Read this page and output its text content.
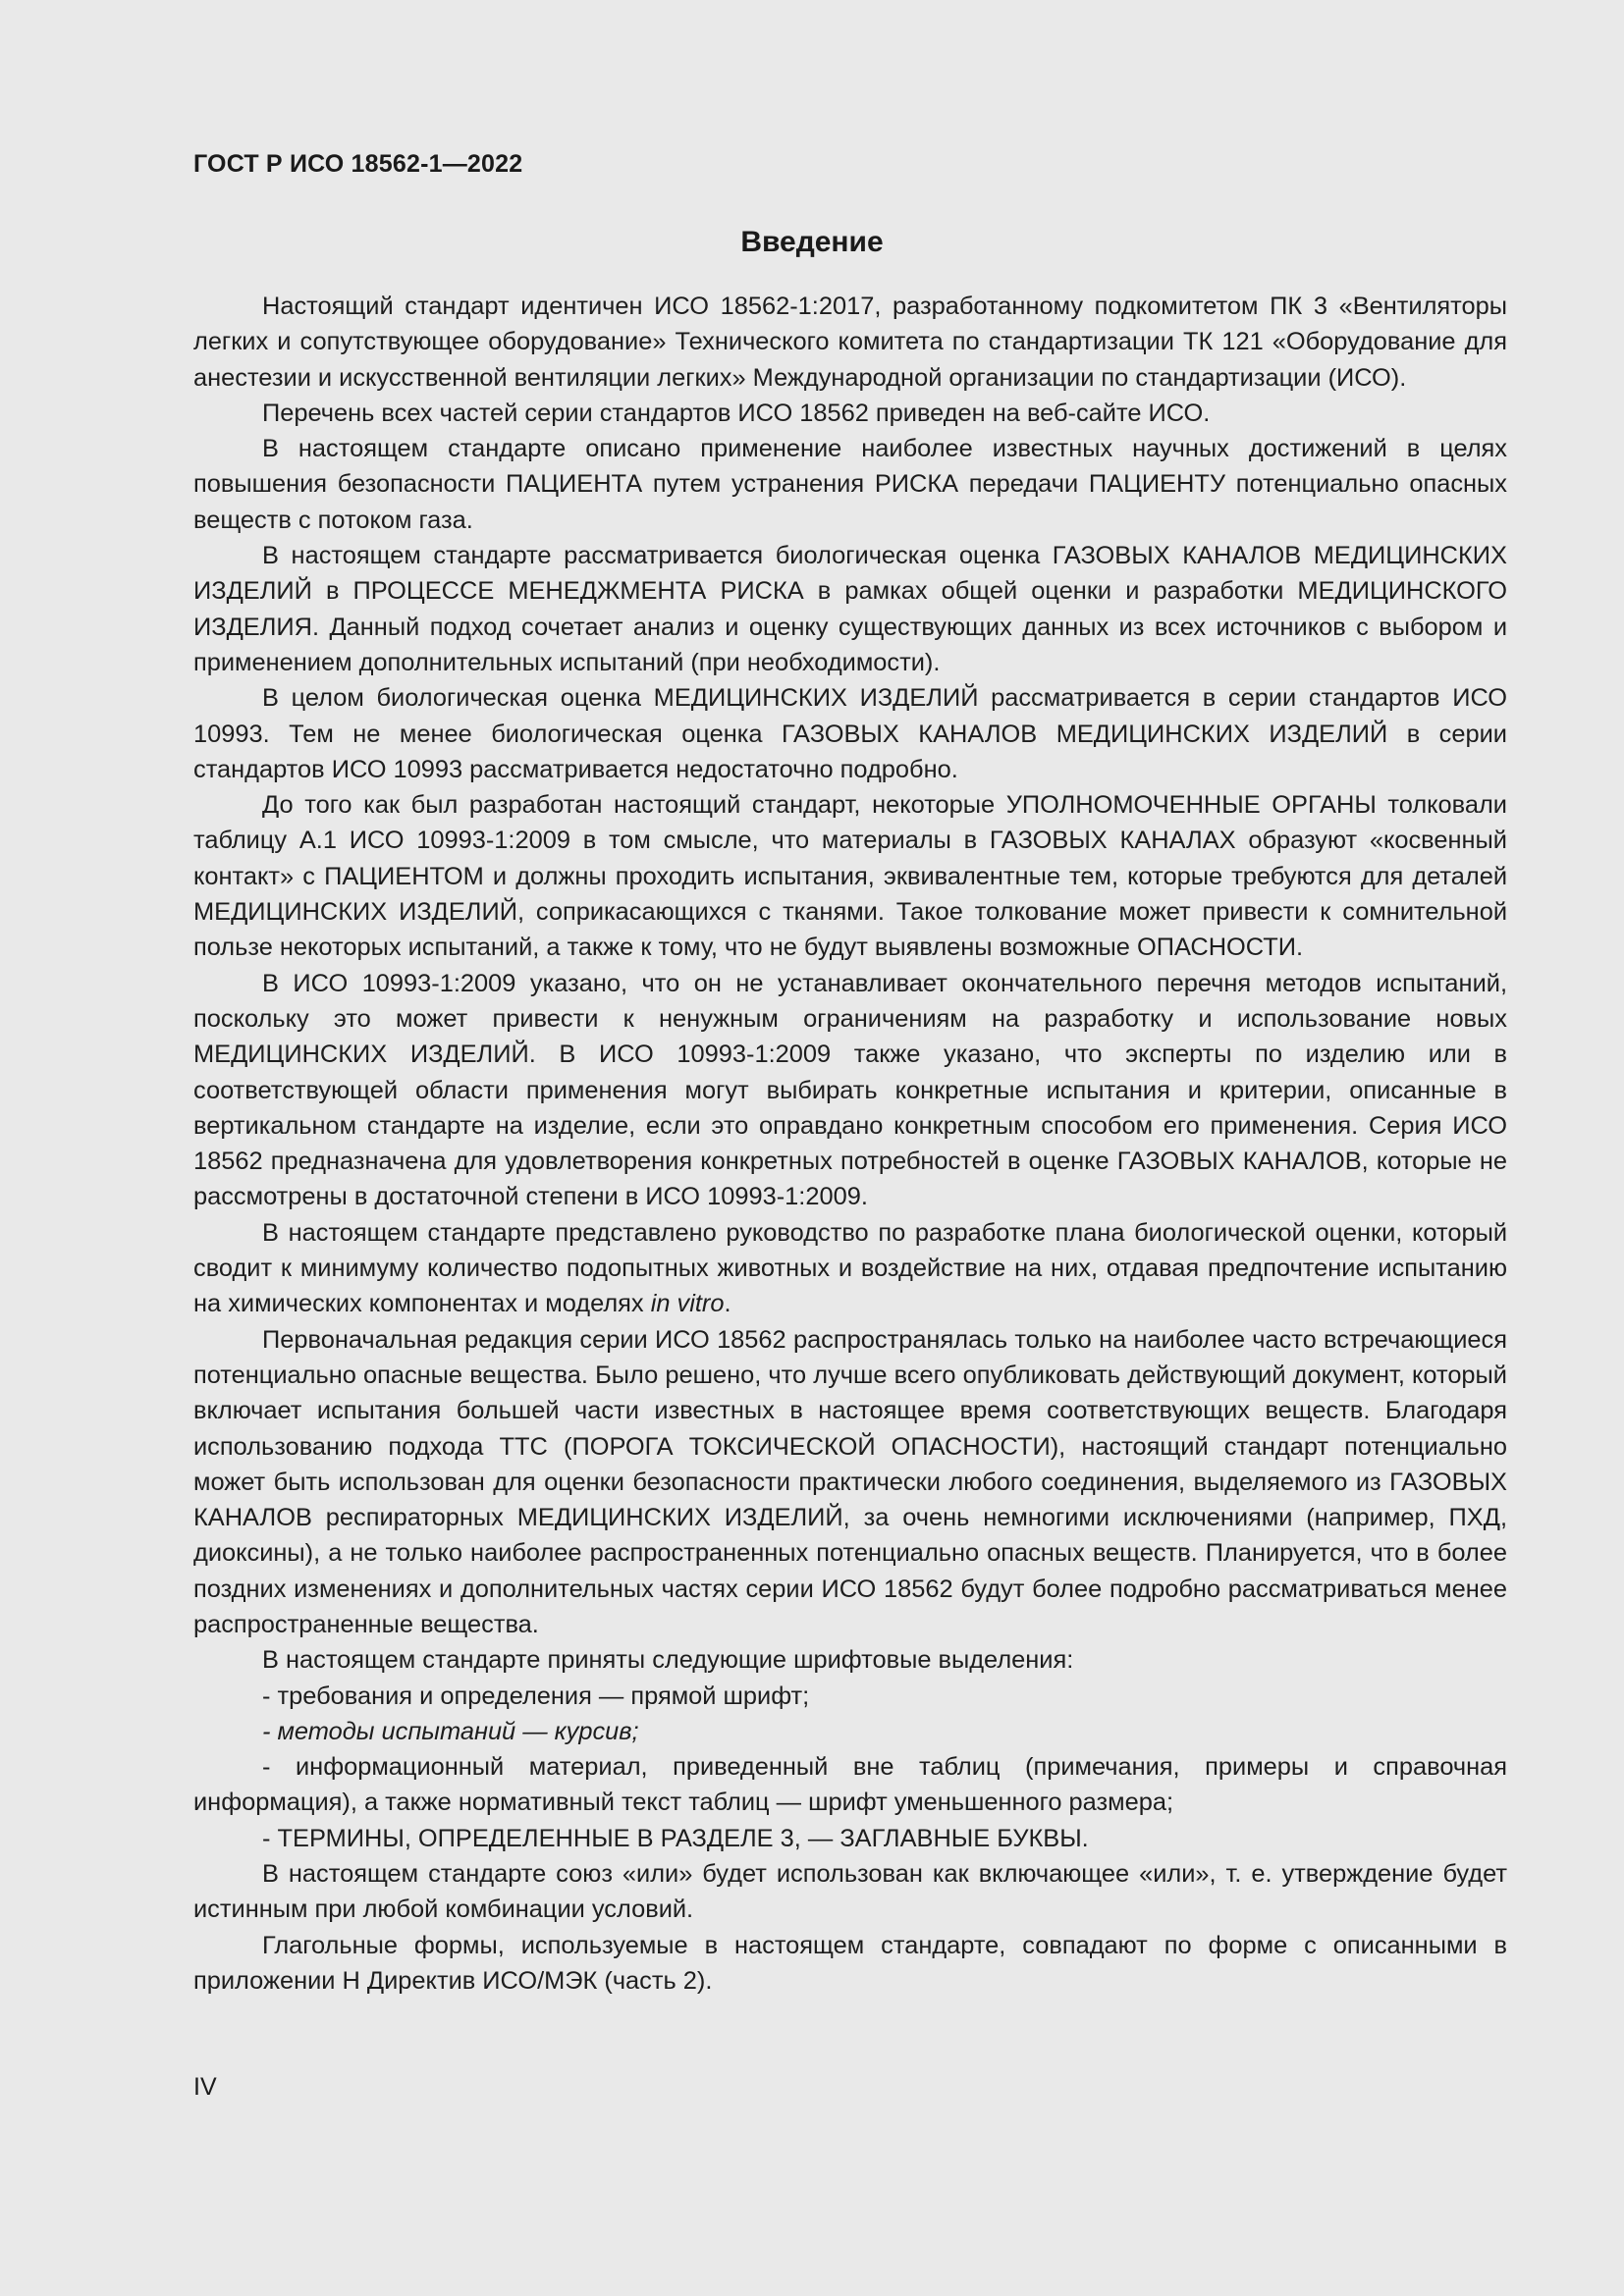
ГОСТ Р ИСО 18562-1—2022
Введение

Настоящий стандарт идентичен ИСО 18562-1:2017, разработанному подкомитетом ПК 3 «Вентиляторы легких и сопутствующее оборудование» Технического комитета по стандартизации ТК 121 «Оборудование для анестезии и искусственной вентиляции легких» Международной организации по стандартизации (ИСО).

Перечень всех частей серии стандартов ИСО 18562 приведен на веб-сайте ИСО.

В настоящем стандарте описано применение наиболее известных научных достижений в целях повышения безопасности ПАЦИЕНТА путем устранения РИСКА передачи ПАЦИЕНТУ потенциально опасных веществ с потоком газа.

В настоящем стандарте рассматривается биологическая оценка ГАЗОВЫХ КАНАЛОВ МЕДИЦИНСКИХ ИЗДЕЛИЙ в ПРОЦЕССЕ МЕНЕДЖМЕНТА РИСКА в рамках общей оценки и разработки МЕДИЦИНСКОГО ИЗДЕЛИЯ. Данный подход сочетает анализ и оценку существующих данных из всех источников с выбором и применением дополнительных испытаний (при необходимости).

В целом биологическая оценка МЕДИЦИНСКИХ ИЗДЕЛИЙ рассматривается в серии стандартов ИСО 10993. Тем не менее биологическая оценка ГАЗОВЫХ КАНАЛОВ МЕДИЦИНСКИХ ИЗДЕЛИЙ в серии стандартов ИСО 10993 рассматривается недостаточно подробно.

До того как был разработан настоящий стандарт, некоторые УПОЛНОМОЧЕННЫЕ ОРГАНЫ толковали таблицу А.1 ИСО 10993-1:2009 в том смысле, что материалы в ГАЗОВЫХ КАНАЛАХ образуют «косвенный контакт» с ПАЦИЕНТОМ и должны проходить испытания, эквивалентные тем, которые требуются для деталей МЕДИЦИНСКИХ ИЗДЕЛИЙ, соприкасающихся с тканями. Такое толкование может привести к сомнительной пользе некоторых испытаний, а также к тому, что не будут выявлены возможные ОПАСНОСТИ.

В ИСО 10993-1:2009 указано, что он не устанавливает окончательного перечня методов испытаний, поскольку это может привести к ненужным ограничениям на разработку и использование новых МЕДИЦИНСКИХ ИЗДЕЛИЙ. В ИСО 10993-1:2009 также указано, что эксперты по изделию или в соответствующей области применения могут выбирать конкретные испытания и критерии, описанные в вертикальном стандарте на изделие, если это оправдано конкретным способом его применения. Серия ИСО 18562 предназначена для удовлетворения конкретных потребностей в оценке ГАЗОВЫХ КАНАЛОВ, которые не рассмотрены в достаточной степени в ИСО 10993-1:2009.

В настоящем стандарте представлено руководство по разработке плана биологической оценки, который сводит к минимуму количество подопытных животных и воздействие на них, отдавая предпочтение испытанию на химических компонентах и моделях in vitro.

Первоначальная редакция серии ИСО 18562 распространялась только на наиболее часто встречающиеся потенциально опасные вещества. Было решено, что лучше всего опубликовать действующий документ, который включает испытания большей части известных в настоящее время соответствующих веществ. Благодаря использованию подхода TTC (ПОРОГА ТОКСИЧЕСКОЙ ОПАСНОСТИ), настоящий стандарт потенциально может быть использован для оценки безопасности практически любого соединения, выделяемого из ГАЗОВЫХ КАНАЛОВ респираторных МЕДИЦИНСКИХ ИЗДЕЛИЙ, за очень немногими исключениями (например, ПХД, диоксины), а не только наиболее распространенных потенциально опасных веществ. Планируется, что в более поздних изменениях и дополнительных частях серии ИСО 18562 будут более подробно рассматриваться менее распространенные вещества.

В настоящем стандарте приняты следующие шрифтовые выделения:

- требования и определения — прямой шрифт;

- методы испытаний — курсив;

- информационный материал, приведенный вне таблиц (примечания, примеры и справочная информация), а также нормативный текст таблиц — шрифт уменьшенного размера;

- ТЕРМИНЫ, ОПРЕДЕЛЕННЫЕ В РАЗДЕЛЕ 3, — ЗАГЛАВНЫЕ БУКВЫ.

В настоящем стандарте союз «или» будет использован как включающее «или», т. е. утверждение будет истинным при любой комбинации условий.

Глагольные формы, используемые в настоящем стандарте, совпадают по форме с описанными в приложении Н Директив ИСО/МЭК (часть 2).

IV
